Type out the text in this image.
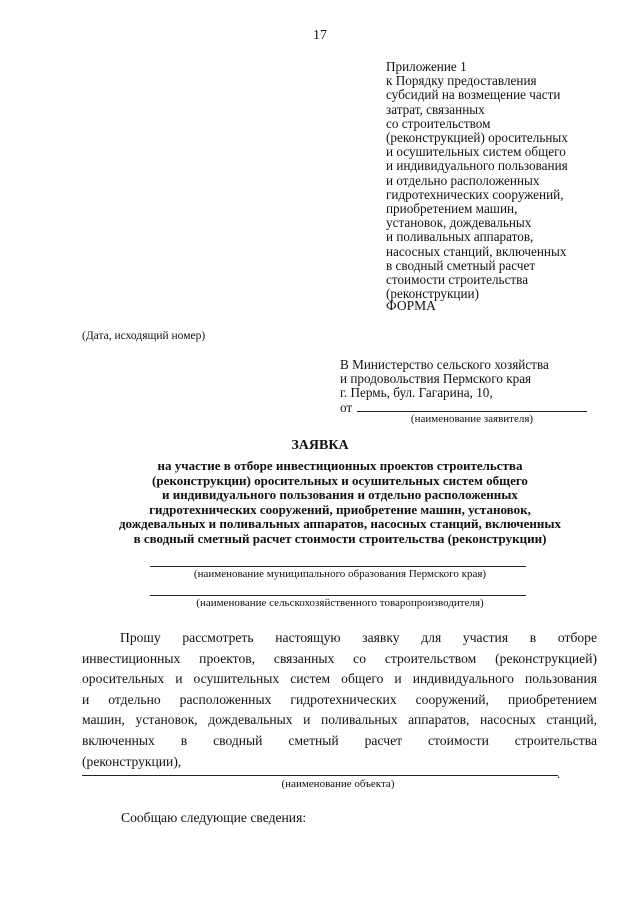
17
Приложение 1
к Порядку предоставления
субсидий на возмещение части
затрат, связанных
со строительством
(реконструкцией) оросительных
и осушительных систем общего
и индивидуального пользования
и отдельно расположенных
гидротехнических сооружений,
приобретением машин,
установок, дождевальных
и поливальных аппаратов,
насосных станций, включенных
в сводный сметный расчет
стоимости строительства
(реконструкции)
ФОРМА
(Дата, исходящий номер)
В Министерство сельского хозяйства
и продовольствия Пермского края
г. Пермь, бул. Гагарина, 10,
от
(наименование заявителя)
ЗАЯВКА
на участие в отборе инвестиционных проектов строительства
(реконструкции) оросительных и осушительных систем общего
и индивидуального пользования и отдельно расположенных
гидротехнических сооружений, приобретение машин, установок,
дождевальных и поливальных аппаратов, насосных станций, включенных
в сводный сметный расчет стоимости строительства (реконструкции)
(наименование муниципального образования Пермского края)
(наименование сельскохозяйственного товаропроизводителя)
Прошу рассмотреть настоящую заявку для участия в отборе
инвестиционных проектов, связанных со строительством (реконструкцией)
оросительных и осушительных систем общего и индивидуального пользования
и отдельно расположенных гидротехнических сооружений, приобретением
машин, установок, дождевальных и поливальных аппаратов, насосных станций,
включенных в сводный сметный расчет стоимости строительства
(реконструкции),
.
(наименование объекта)
Сообщаю следующие сведения:
